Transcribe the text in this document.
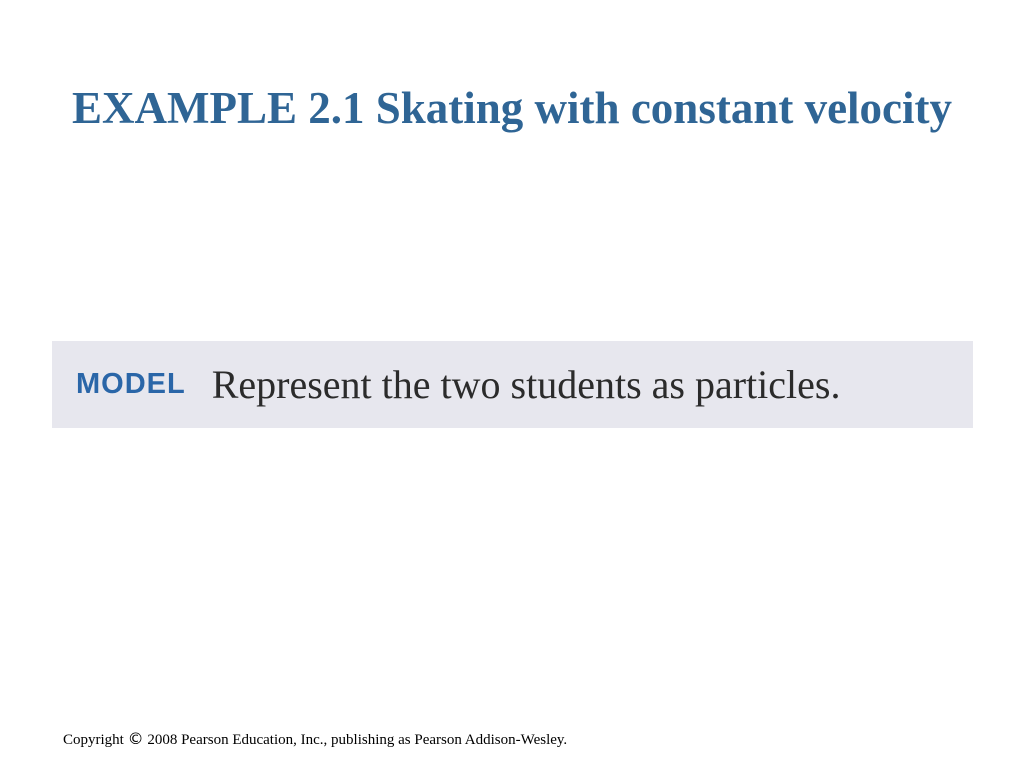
EXAMPLE 2.1 Skating with constant velocity
MODEL Represent the two students as particles.
Copyright © 2008 Pearson Education, Inc., publishing as Pearson Addison-Wesley.
